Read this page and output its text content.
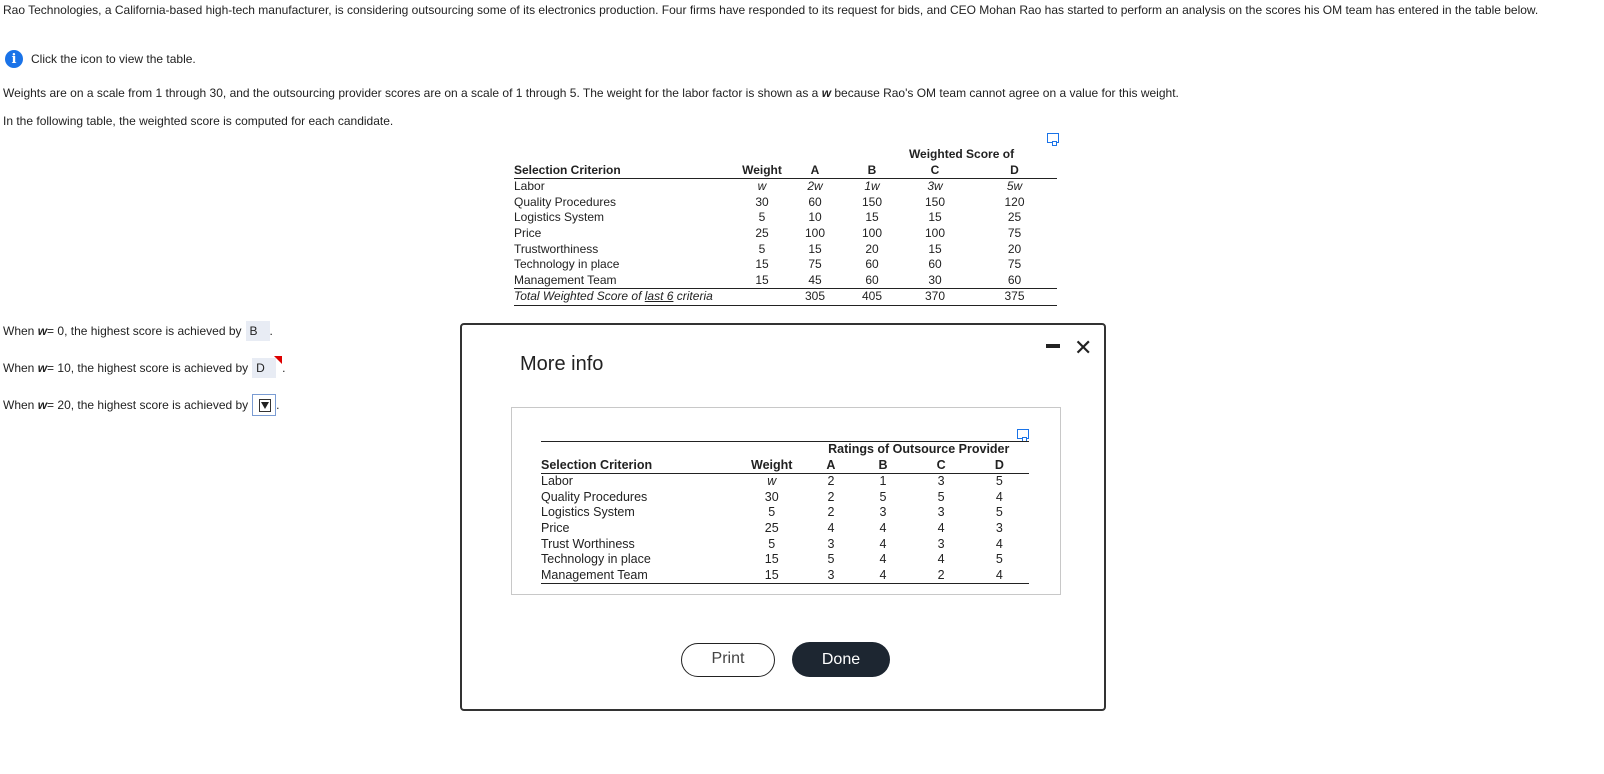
Rao Technologies, a California-based high-tech manufacturer, is considering outsourcing some of its electronics production. Four firms have responded to its request for bids, and CEO Mohan Rao has started to perform an analysis on the scores his OM team has entered in the table below.
i	Click the icon to view the table.
Weights are on a scale from 1 through 30, and the outsourcing provider scores are on a scale of 1 through 5. The weight for the labor factor is shown as a w because Rao's OM team cannot agree on a value for this weight.
In the following table, the weighted score is computed for each candidate.
			Weighted Score of		
Selection Criterion	Weight	A	B	C	D
Labor	w	2w	1w	3w	5w
Quality Procedures	30	60	150	150	120
Logistics System	5	10	15	15	25
Price	25	100	100	100	75
Trustworthiness	5	15	20	15	20
Technology in place	15	75	60	60	75
Management Team	15	45	60	30	60
Total Weighted Score of last 6 criteria		305	405	370	375
When
w = 0, the highest score is achieved by B .
When
w = 10, the highest score is achieved by D	.
When
w = 20, the highest score is achieved by .
More info
✕
		Ratings of Outsource Provider			
Selection Criterion	Weight	A	B	C	D
Labor	w	2	1	3	5
Quality Procedures	30	2	5	5	4
Logistics System	5	2	3	3	5
Price	25	4	4	4	3
Trust Worthiness	5	3	4	3	4
Technology in place	15	5	4	4	5
Management Team	15	3	4	2	4
Print	Done
